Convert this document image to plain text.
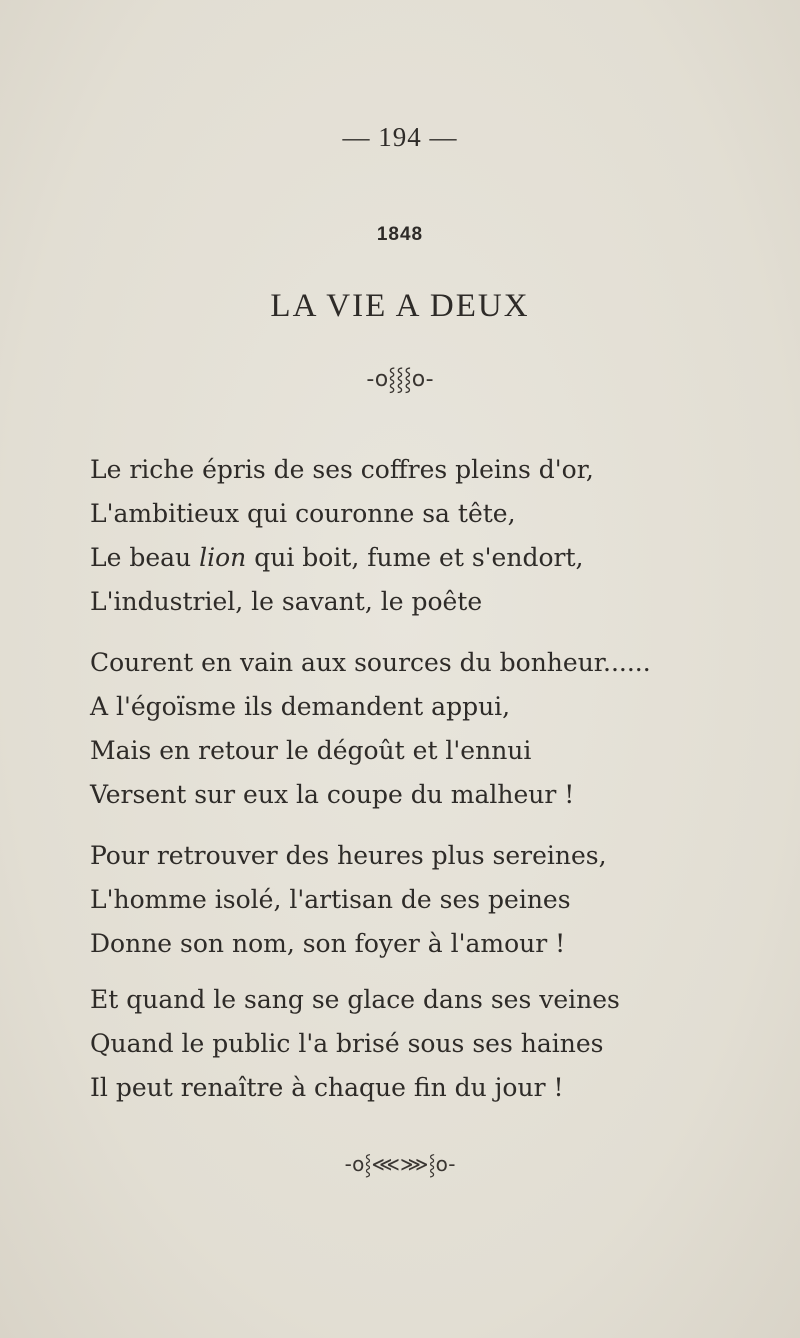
— 194 —
1848
LA VIE A DEUX
-o⸾⸾⸾o-
Le riche épris de ses coffres pleins d'or,
L'ambitieux qui couronne sa tête,
Le beau lion qui boit, fume et s'endort,
L'industriel, le savant, le poête
Courent en vain aux sources du bonheur......
A l'égoïsme ils demandent appui,
Mais en retour le dégoût et l'ennui
Versent sur eux la coupe du malheur !
Pour retrouver des heures plus sereines,
L'homme isolé, l'artisan de ses peines
Donne son nom, son foyer à l'amour !
Et quand le sang se glace dans ses veines
Quand le public l'a brisé sous ses haines
Il peut renaître à chaque fin du jour !
-o⸾⋘⋙⸾o-
